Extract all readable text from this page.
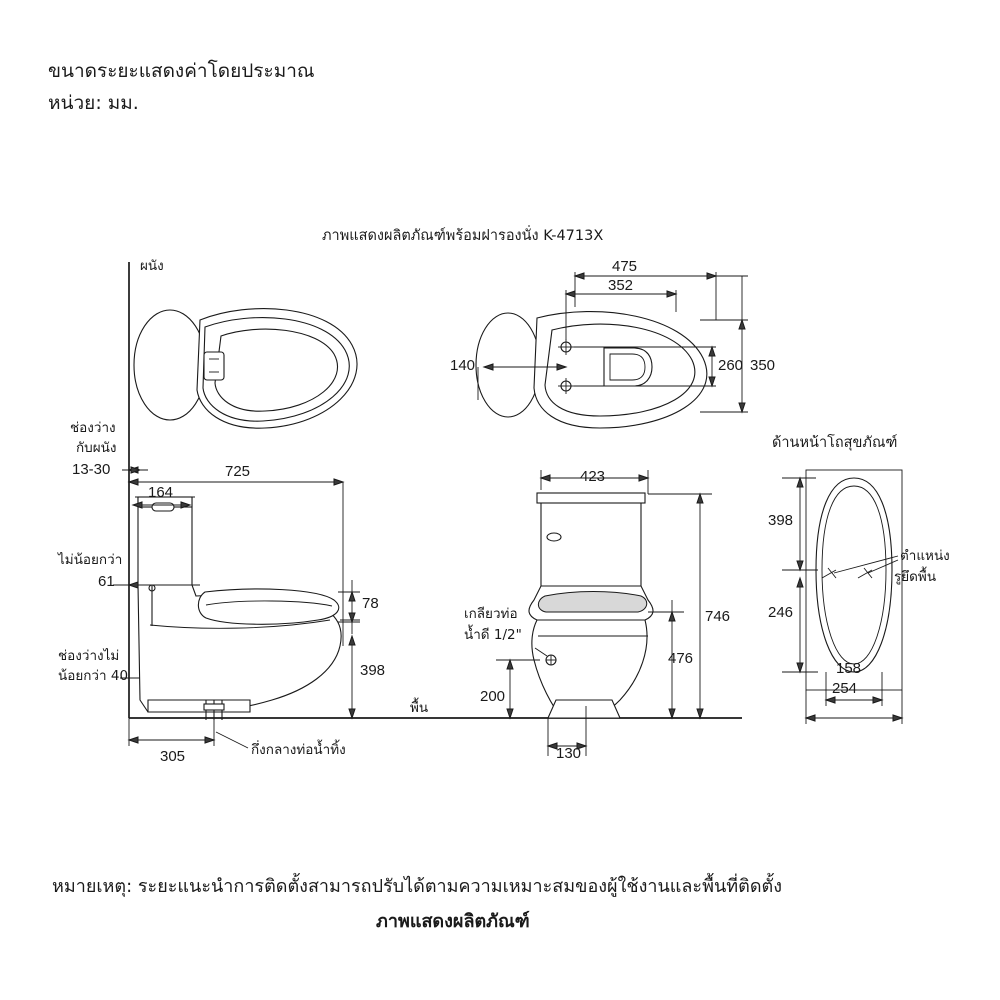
ขนาดระยะแสดงค่าโดยประมาณ
หน่วย: มม.
ภาพแสดงผลิตภัณฑ์พร้อมฝารองนั่ง K-4713X
ผนัง
พื้น
475
352
140	260 350
ช่องว่าง
กับผนัง
13-30	725
164
ไม่น้อยกว่า
61
ช่องว่างไม่
น้อยกว่า 40
78
398
305	กึ่งกลางท่อน้ำทิ้ง
423
746
476
200
130
เกลียวท่อ
น้ำดี 1/2"
ด้านหน้าโถสุขภัณฑ์
398
246
158
254
ตำแหน่ง
รูยึดพื้น
หมายเหตุ: ระยะแนะนำการติดตั้งสามารถปรับได้ตามความเหมาะสมของผู้ใช้งานและพื้นที่ติดตั้ง
ภาพแสดงผลิตภัณฑ์
